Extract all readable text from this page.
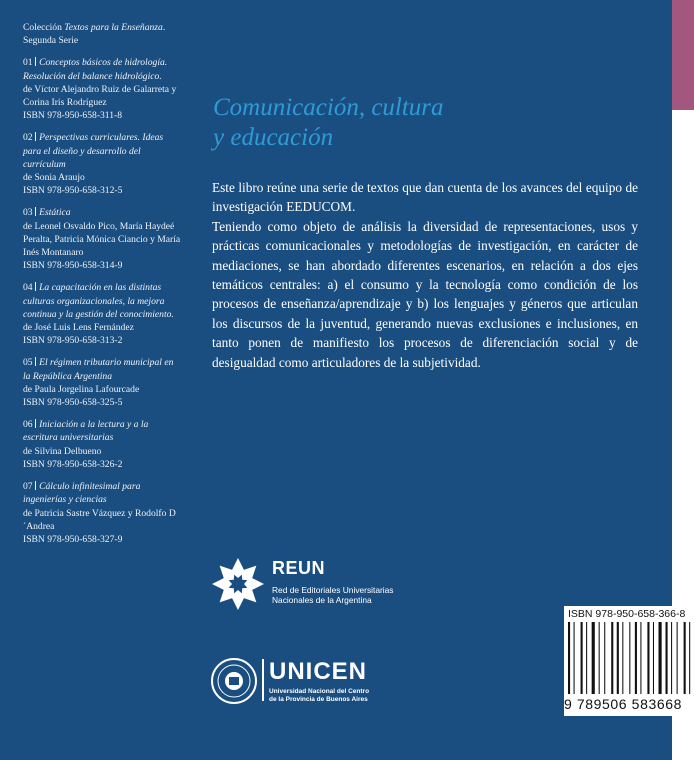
Colección Textos para la Enseñanza. Segunda Serie
01 Conceptos básicos de hidrología. Resolución del balance hidrológico.
de Víctor Alejandro Ruiz de Galarreta y Corina Iris Rodríguez
ISBN 978-950-658-311-8
02 Perspectivas curriculares. Ideas para el diseño y desarrollo del currículum
de Sonia Araujo
ISBN 978-950-658-312-5
03 Estática
de Leonel Osvaldo Pico, María Haydeé Peralta, Patricia Mónica Ciancio y María Inés Montanaro
ISBN 978-950-658-314-9
04 La capacitación en las distintas culturas organizacionales, la mejora continua y la gestión del conocimiento.
de José Luis Lens Fernández
ISBN 978-950-658-313-2
05 El régimen tributario municipal en la República Argentina
de Paula Jorgelina Lafourcade
ISBN 978-950-658-325-5
06 Iniciación a la lectura y a la escritura universitarias
de Silvina Delbueno
ISBN 978-950-658-326-2
07 Cálculo infinitesimal para ingenierías y ciencias
de Patricia Sastre Vázquez y Rodolfo D´Andrea
ISBN 978-950-658-327-9
Comunicación, cultura
y educación

Este libro reúne una serie de textos que dan cuenta de los avances del equipo de investigación EEDUCOM.

Teniendo como objeto de análisis la diversidad de representaciones, usos y prácticas comunicacionales y metodologías de investigación, en carácter de mediaciones, se han abordado diferentes escenarios, en relación a dos ejes temáticos centrales: a) el consumo y la tecnología como condición de los procesos de enseñanza/aprendizaje y b) los lenguajes y géneros que articulan los discursos de la juventud, generando nuevas exclusiones e inclusiones, en tanto ponen de manifiesto los procesos de diferenciación social y de desigualdad como articuladores de la subjetividad.

REUN
Red de Editoriales Universitarias
Nacionales de la Argentina
UNICEN
Universidad Nacional del Centro
de la Provincia de Buenos Aires
ISBN 978-950-658-366-8
9 789506 583668
